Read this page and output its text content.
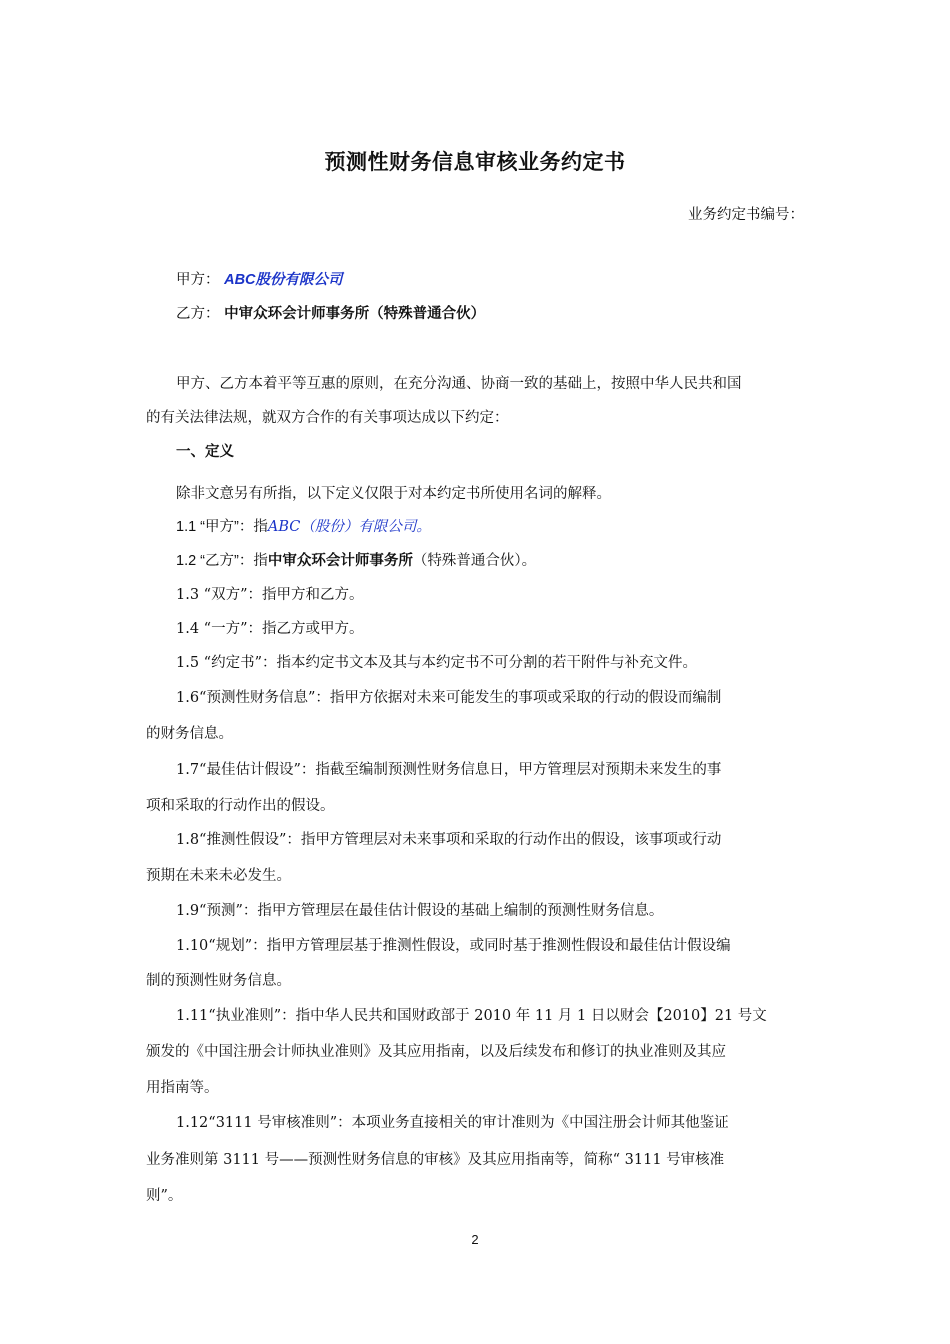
预测性财务信息审核业务约定书
业务约定书编号：
甲方： ABC股份有限公司
乙方： 中审众环会计师事务所（特殊普通合伙）
甲方、乙方本着平等互惠的原则，在充分沟通、协商一致的基础上，按照中华人民共和国
的有关法律法规，就双方合作的有关事项达成以下约定：
一、定义
除非文意另有所指，以下定义仅限于对本约定书所使用名词的解释。
1.1 “甲方”：指ABC（股份）有限公司。
1.2 “乙方”：指中审众环会计师事务所（特殊普通合伙）。
1.3 “双方”：指甲方和乙方。
1.4 “一方”：指乙方或甲方。
1.5 “约定书”：指本约定书文本及其与本约定书不可分割的若干附件与补充文件。
1.6“预测性财务信息”：指甲方依据对未来可能发生的事项或采取的行动的假设而编制
的财务信息。
1.7“最佳估计假设”：指截至编制预测性财务信息日，甲方管理层对预期未来发生的事
项和采取的行动作出的假设。
1.8“推测性假设”：指甲方管理层对未来事项和采取的行动作出的假设，该事项或行动
预期在未来未必发生。
1.9“预测”：指甲方管理层在最佳估计假设的基础上编制的预测性财务信息。
1.10“规划”：指甲方管理层基于推测性假设，或同时基于推测性假设和最佳估计假设编
制的预测性财务信息。
1.11“执业准则”：指中华人民共和国财政部于 2010 年 11 月 1 日以财会【2010】21 号文
颁发的《中国注册会计师执业准则》及其应用指南，以及后续发布和修订的执业准则及其应
用指南等。
1.12“3111 号审核准则”：本项业务直接相关的审计准则为《中国注册会计师其他鉴证
业务准则第 3111 号——预测性财务信息的审核》及其应用指南等，简称“ 3111 号审核准
则”。
2
